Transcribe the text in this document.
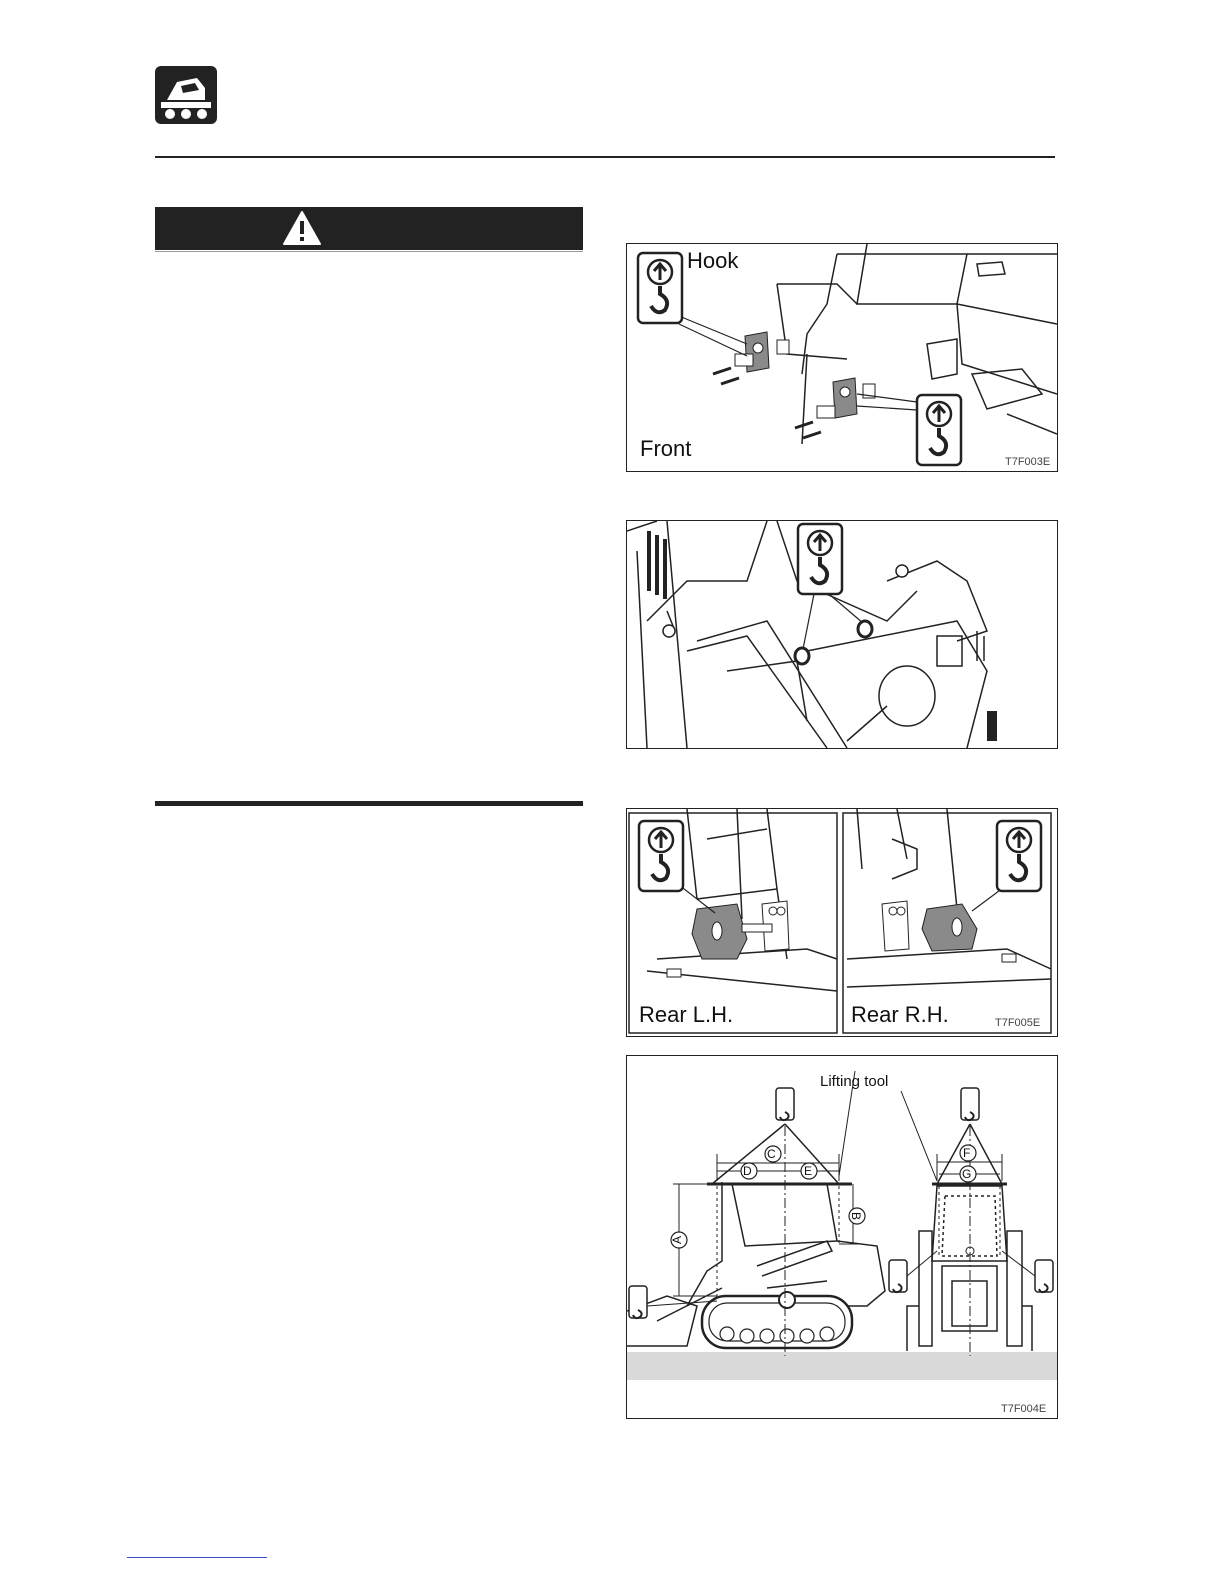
Hook
Front
T7F003E
Rear L.H.	Rear R.H.	T7F005E
Lifting tool
C
D	E
F
G
A
B
T7F004E
